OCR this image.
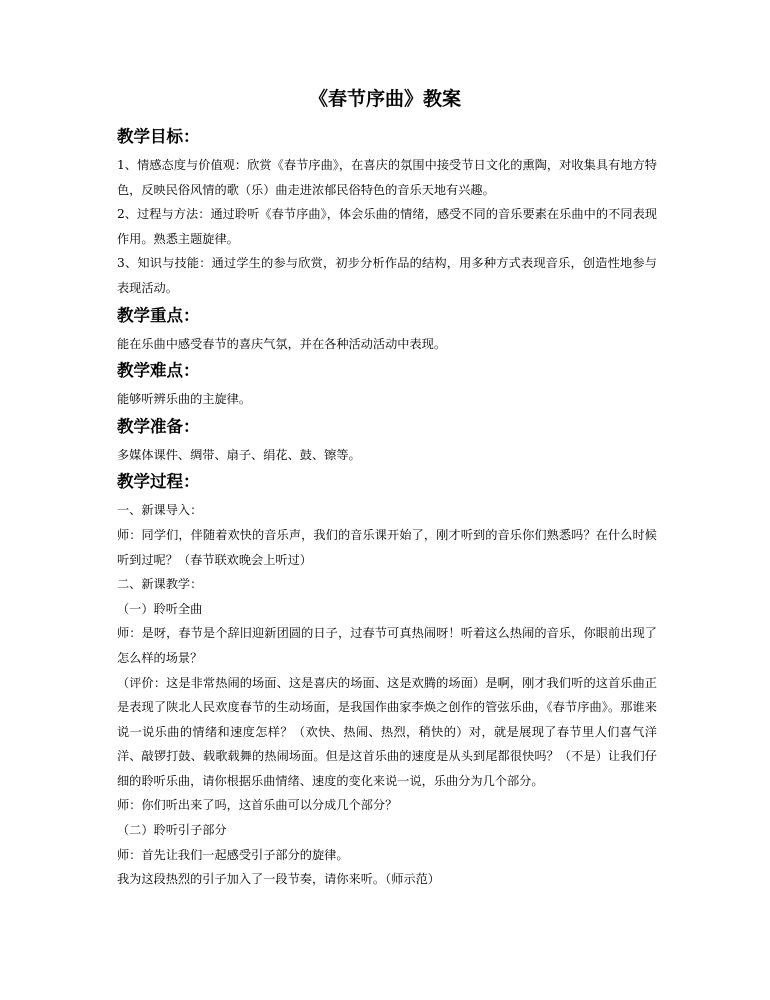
《春节序曲》教案
教学目标：

1、情感态度与价值观：欣赏《春节序曲》，在喜庆的氛围中接受节日文化的熏陶，对收集具有地方特色，反映民俗风情的歌（乐）曲走进浓郁民俗特色的音乐天地有兴趣。

2、过程与方法：通过聆听《春节序曲》，体会乐曲的情绪，感受不同的音乐要素在乐曲中的不同表现作用。熟悉主题旋律。

3、知识与技能：通过学生的参与欣赏，初步分析作品的结构，用多种方式表现音乐，创造性地参与表现活动。

教学重点：

能在乐曲中感受春节的喜庆气氛，并在各种活动活动中表现。

教学难点：

能够听辨乐曲的主旋律。

教学准备：

多媒体课件、绸带、扇子、绢花、鼓、镲等。

教学过程：

一、新课导入：

师：同学们，伴随着欢快的音乐声，我们的音乐课开始了，刚才听到的音乐你们熟悉吗？在什么时候听到过呢？（春节联欢晚会上听过）

二、新课教学：

（一）聆听全曲

师：是呀，春节是个辞旧迎新团圆的日子，过春节可真热闹呀！听着这么热闹的音乐，你眼前出现了怎么样的场景？

（评价：这是非常热闹的场面、这是喜庆的场面、这是欢腾的场面）是啊，刚才我们听的这首乐曲正是表现了陕北人民欢度春节的生动场面，是我国作曲家李焕之创作的管弦乐曲，《春节序曲》。那谁来说一说乐曲的情绪和速度怎样？（欢快、热闹、热烈，稍快的）对，就是展现了春节里人们喜气洋洋、敲锣打鼓、载歌载舞的热闹场面。但是这首乐曲的速度是从头到尾都很快吗？（不是）让我们仔细的聆听乐曲，请你根据乐曲情绪、速度的变化来说一说，乐曲分为几个部分。

师：你们听出来了吗，这首乐曲可以分成几个部分？

（二）聆听引子部分

师：首先让我们一起感受引子部分的旋律。

我为这段热烈的引子加入了一段节奏，请你来听。（师示范）
